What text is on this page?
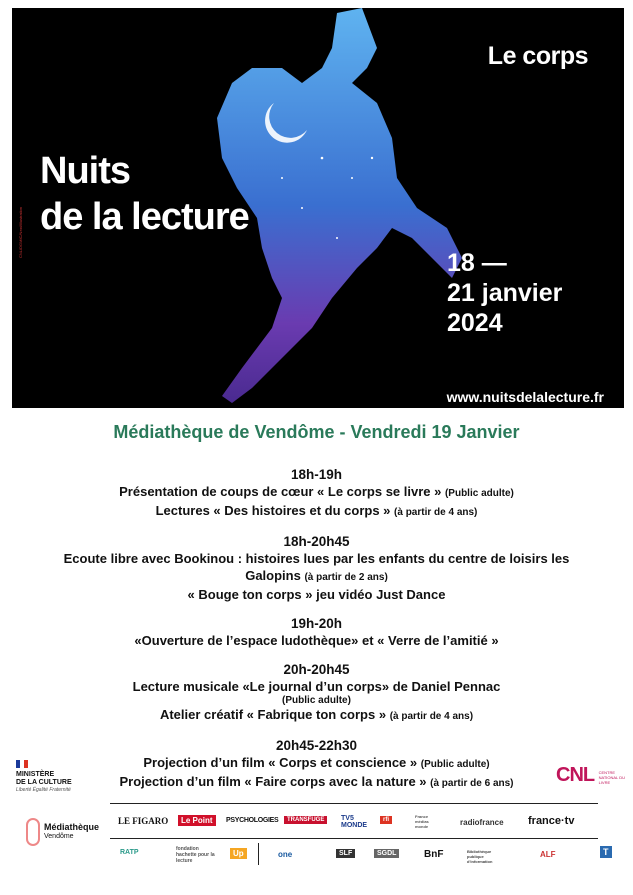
Le corps
Nuits
de la lecture
18 —
21 janvier
2024
www.nuitsdelalecture.fr
CNL/DGMIC/Next/Illustration
Médiathèque de Vendôme - Vendredi 19 Janvier
18h-19h
Présentation de coups de cœur « Le corps se livre » (Public adulte)
Lectures « Des histoires et du corps » (à partir de 4 ans)
18h-20h45
Ecoute libre avec Bookinou : histoires lues par les enfants du centre de loisirs les Galopins (à partir de 2 ans)
« Bouge ton corps » jeu vidéo Just Dance
19h-20h
«Ouverture de l’espace ludothèque» et « Verre de l’amitié »
20h-20h45
Lecture musicale «Le journal d’un corps» de Daniel Pennac
(Public adulte)
Atelier créatif « Fabrique ton corps » (à partir de 4 ans)
20h45-22h30
Projection d’un film « Corps et conscience » (Public adulte)
Projection d’un film « Faire corps avec la nature » (à partir de 6 ans)
MINISTÈRE
DE LA CULTURE
Liberté Égalité Fraternité
CNL CENTRE NATIONAL DU LIVRE
Médiathèque
Vendôme
LE FIGARO	Le Point	PSYCHOLOGIES	TRANSFUGE	TV5 MONDE
rfi
France médias monde	radiofrance france·tv
RATP	fondation hachette pour la lecture
Up	one	SLF	SGDL	BnF	Bibliothèque publique d'information
ALF	T
